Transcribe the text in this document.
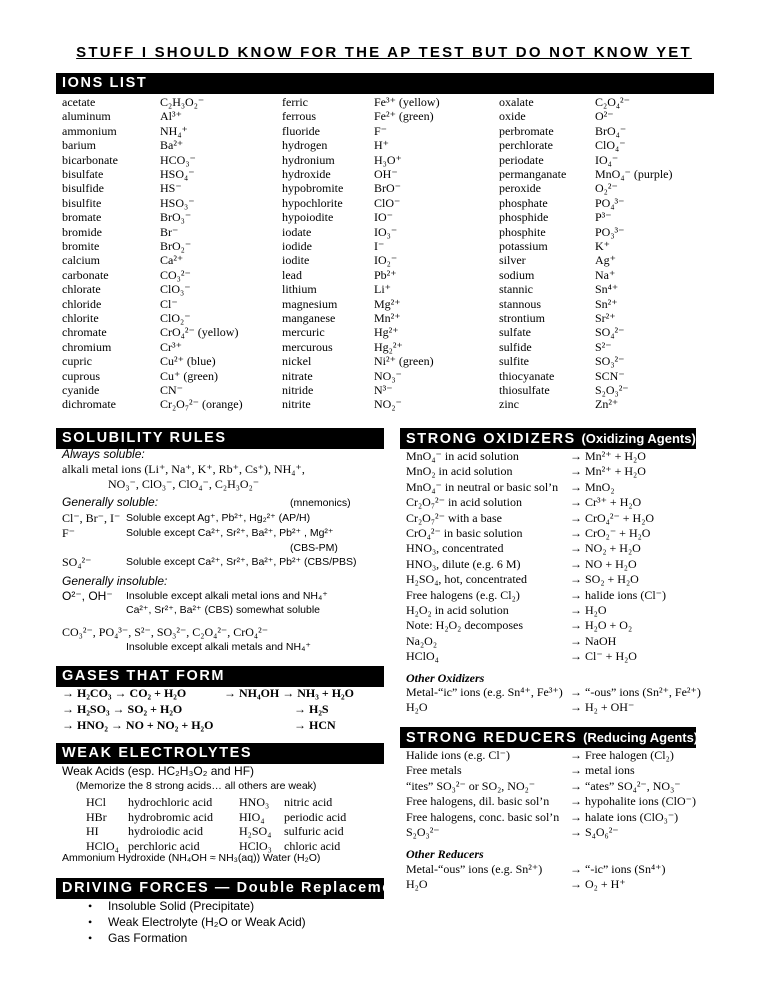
STUFF I SHOULD KNOW FOR THE AP TEST BUT DO NOT KNOW YET
IONS LIST
acetate	C₂H₃O₂⁻
aluminum	Al³⁺
ammonium	NH₄⁺
barium	Ba²⁺
bicarbonate	HCO₃⁻
bisulfate	HSO₄⁻
bisulfide	HS⁻
bisulfite	HSO₃⁻
bromate	BrO₃⁻
bromide	Br⁻
bromite	BrO₂⁻
calcium	Ca²⁺
carbonate	CO₃²⁻
chlorate	ClO₃⁻
chloride	Cl⁻
chlorite	ClO₂⁻
chromate	CrO₄²⁻ (yellow)
chromium	Cr³⁺
cupric	Cu²⁺ (blue)
cuprous	Cu⁺ (green)
cyanide	CN⁻
dichromate	Cr₂O₇²⁻ (orange)
ferric	Fe³⁺ (yellow)
ferrous	Fe²⁺ (green)
fluoride	F⁻
hydrogen	H⁺
hydronium	H₃O⁺
hydroxide	OH⁻
hypobromite	BrO⁻
hypochlorite	ClO⁻
hypoiodite	IO⁻
iodate	IO₃⁻
iodide	I⁻
iodite	IO₂⁻
lead	Pb²⁺
lithium	Li⁺
magnesium	Mg²⁺
manganese	Mn²⁺
mercuric	Hg²⁺
mercurous	Hg₂²⁺
nickel	Ni²⁺ (green)
nitrate	NO₃⁻
nitride	N³⁻
nitrite	NO₂⁻
oxalate	C₂O₄²⁻
oxide	O²⁻
perbromate	BrO₄⁻
perchlorate	ClO₄⁻
periodate	IO₄⁻
permanganate MnO₄⁻ (purple)
peroxide	O₂²⁻
phosphate	PO₄³⁻
phosphide	P³⁻
phosphite	PO₃³⁻
potassium	K⁺
silver	Ag⁺
sodium	Na⁺
stannic	Sn⁴⁺
stannous	Sn²⁺
strontium	Sr²⁺
sulfate	SO₄²⁻
sulfide	S²⁻
sulfite	SO₃²⁻
thiocyanate	SCN⁻
thiosulfate	S₂O₃²⁻
zinc	Zn²⁺
SOLUBILITY RULES
Always soluble:
alkali metal ions (Li⁺, Na⁺, K⁺, Rb⁺, Cs⁺), NH₄⁺,
NO₃⁻, ClO₃⁻, ClO₄⁻, C₂H₃O₂⁻
Generally soluble:	(mnemonics)
Cl⁻, Br⁻, I⁻ Soluble except Ag⁺, Pb²⁺, Hg₂²⁺ (AP/H)
F⁻	Soluble except Ca²⁺, Sr²⁺, Ba²⁺, Pb²⁺ , Mg²⁺
(CBS-PM)
SO₄²⁻	Soluble except Ca²⁺, Sr²⁺, Ba²⁺, Pb²⁺ (CBS/PBS)
Generally insoluble:
O²⁻, OH⁻ Insoluble except alkali metal ions and NH₄⁺
Ca²⁺, Sr²⁺, Ba²⁺ (CBS) somewhat soluble
CO₃²⁻, PO₄³⁻, S²⁻, SO₃²⁻, C₂O₄²⁻, CrO₄²⁻
Insoluble except alkali metals and NH₄⁺
GASES THAT FORM
→ H₂CO₃ → CO₂ + H₂O	→ NH₄OH → NH₃ + H₂O
→ H₂SO₃ → SO₂ + H₂O	→ H₂S
→ HNO₂ → NO + NO₂ + H₂O	→ HCN
WEAK ELECTROLYTES
Weak Acids (esp. HC₂H₃O₂ and HF)
(Memorize the 8 strong acids… all others are weak)
HCl hydrochloric acid HNO₃ nitric acid
HBr hydrobromic acid HIO₄ periodic acid
HI hydroiodic acid	H₂SO₄ sulfuric acid
HClO₄ perchloric acid	HClO₃ chloric acid
Ammonium Hydroxide (NH₄OH ≈ NH₃(aq)) Water (H₂O)
DRIVING FORCES — Double Replacement
• Insoluble Solid (Precipitate)
• Weak Electrolyte (H₂O or Weak Acid)
• Gas Formation
STRONG OXIDIZERS (Oxidizing Agents)
MnO₄⁻ in acid solution	→ Mn²⁺ + H₂O
MnO₂ in acid solution	→ Mn²⁺ + H₂O
MnO₄⁻ in neutral or basic sol’n → MnO₂
Cr₂O₇²⁻ in acid solution	→ Cr³⁺ + H₂O
Cr₂O₇²⁻ with a base	→ CrO₄²⁻ + H₂O
CrO₄²⁻ in basic solution	→ CrO₂⁻ + H₂O
HNO₃, concentrated	→ NO₂ + H₂O
HNO₃, dilute (e.g. 6 M)	→ NO + H₂O
H₂SO₄, hot, concentrated	→ SO₂ + H₂O
Free halogens (e.g. Cl₂)	→ halide ions (Cl⁻)
H₂O₂ in acid solution	→ H₂O
Note: H₂O₂ decomposes	→ H₂O + O₂
Na₂O₂	→ NaOH
HClO₄	→ Cl⁻ + H₂O
Other Oxidizers
Metal-“ic” ions (e.g. Sn⁴⁺, Fe³⁺) → “-ous” ions (Sn²⁺, Fe²⁺)
H₂O	→ H₂ + OH⁻
STRONG REDUCERS (Reducing Agents)
Halide ions (e.g. Cl⁻)	→ Free halogen (Cl₂)
Free metals	→ metal ions
“ites” SO₃²⁻ or SO₂, NO₂⁻	→ “ates” SO₄²⁻, NO₃⁻
Free halogens, dil. basic sol’n → hypohalite ions (ClO⁻)
Free halogens, conc. basic sol’n → halate ions (ClO₃⁻)
S₂O₃²⁻	→ S₄O₆²⁻
Other Reducers
Metal-“ous” ions (e.g. Sn²⁺) → “-ic” ions (Sn⁴⁺)
H₂O	→ O₂ + H⁺
